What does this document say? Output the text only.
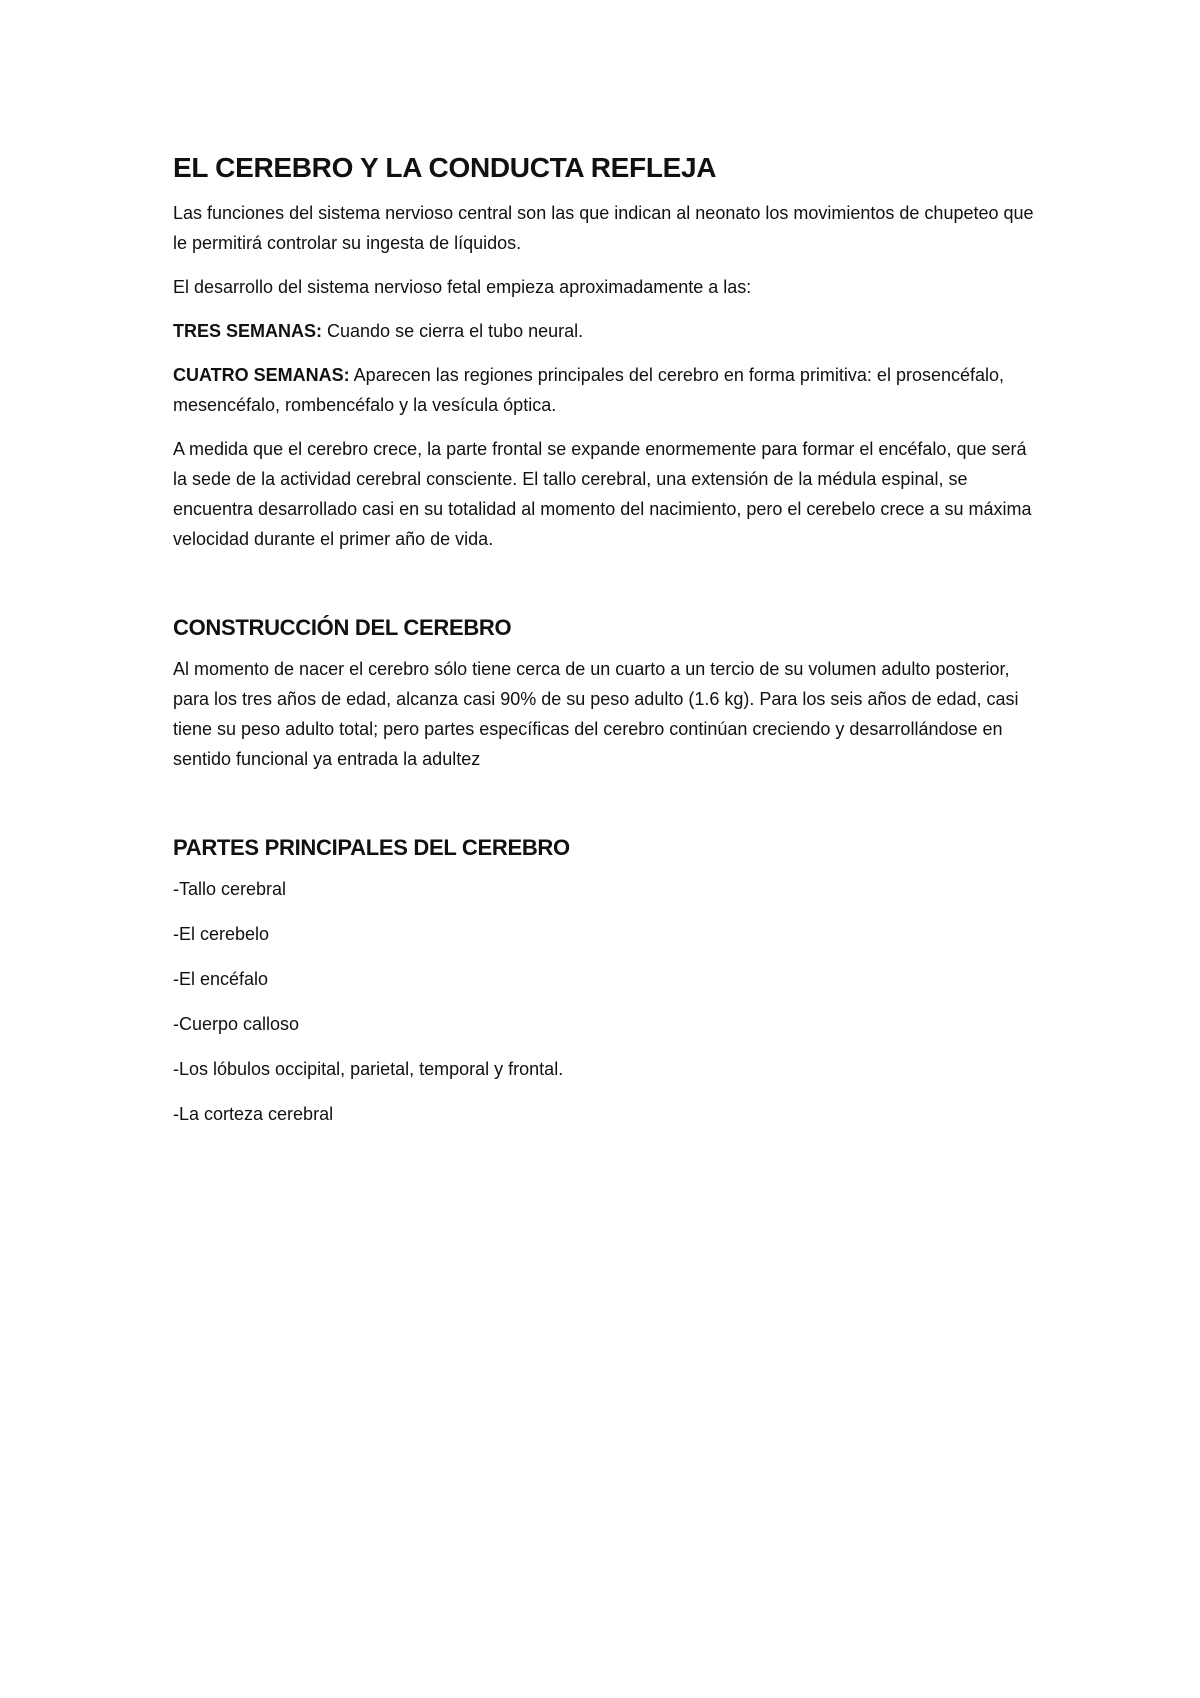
EL CEREBRO Y LA CONDUCTA REFLEJA

Las funciones del sistema nervioso central son las que indican al neonato los movimientos de chupeteo que le permitirá controlar su ingesta de líquidos.

El desarrollo del sistema nervioso fetal empieza aproximadamente a las:

TRES SEMANAS: Cuando se cierra el tubo neural.

CUATRO SEMANAS: Aparecen las regiones principales del cerebro en forma primitiva: el prosencéfalo, mesencéfalo, rombencéfalo y la vesícula óptica.

A medida que el cerebro crece, la parte frontal se expande enormemente para formar el encéfalo, que será la sede de la actividad cerebral consciente. El tallo cerebral, una extensión de la médula espinal, se encuentra desarrollado casi en su totalidad al momento del nacimiento, pero el cerebelo crece a su máxima velocidad durante el primer año de vida.

CONSTRUCCIÓN DEL CEREBRO

Al momento de nacer el cerebro sólo tiene cerca de un cuarto a un tercio de su volumen adulto posterior, para los tres años de edad, alcanza casi 90% de su peso adulto (1.6 kg). Para los seis años de edad, casi tiene su peso adulto total; pero partes específicas del cerebro continúan creciendo y desarrollándose en sentido funcional ya entrada la adultez

PARTES PRINCIPALES DEL CEREBRO
-Tallo cerebral
-El cerebelo
-El encéfalo
-Cuerpo calloso
-Los lóbulos occipital, parietal, temporal y frontal.
-La corteza cerebral
